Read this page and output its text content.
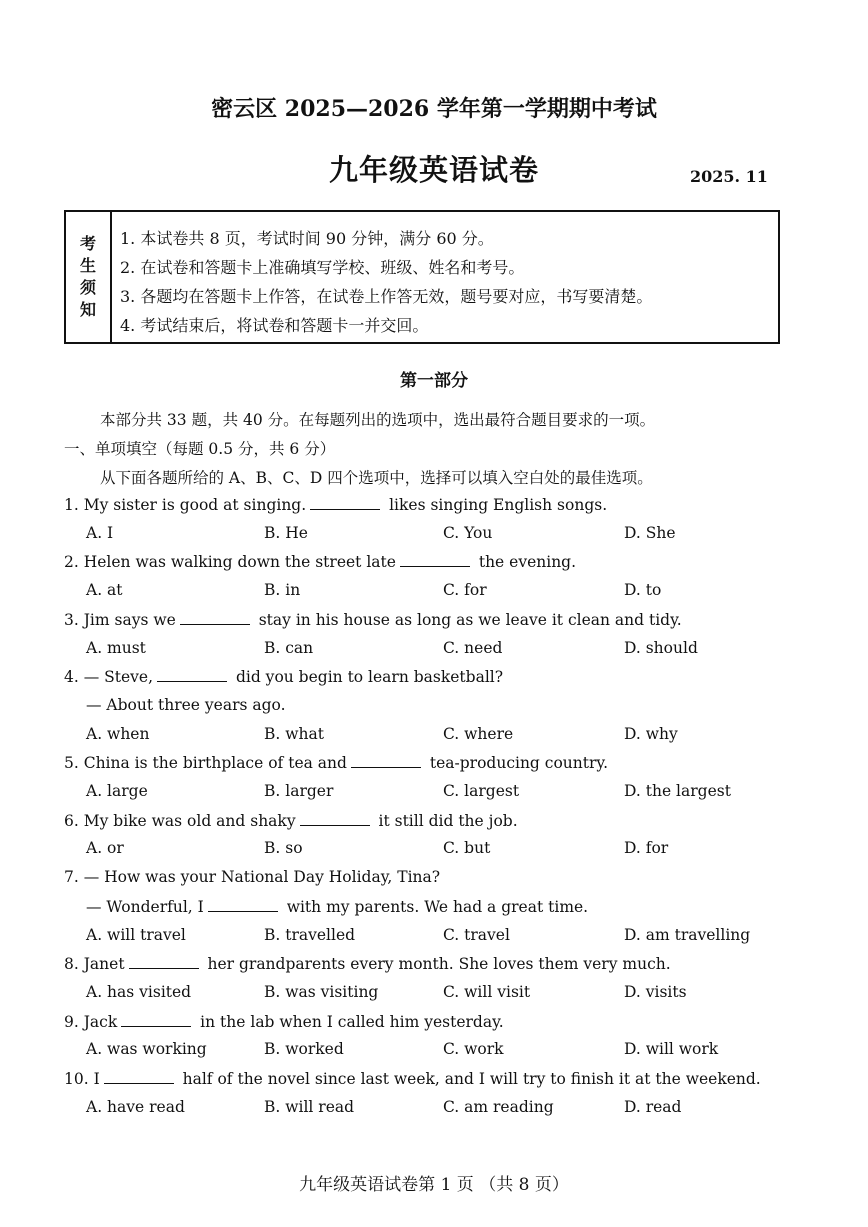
密云区 2025—2026 学年第一学期期中考试
九年级英语试卷	2025. 11
考
生
须
知
1. 本试卷共 8 页，考试时间 90 分钟，满分 60 分。
2. 在试卷和答题卡上准确填写学校、班级、姓名和考号。
3. 各题均在答题卡上作答，在试卷上作答无效，题号要对应，书写要清楚。
4. 考试结束后，将试卷和答题卡一并交回。
第一部分
本部分共 33 题，共 40 分。在每题列出的选项中，选出最符合题目要求的一项。
一、单项填空（每题 0.5 分，共 6 分）
从下面各题所给的 A、B、C、D 四个选项中，选择可以填入空白处的最佳选项。
1. My sister is good at singing.	likes singing English songs.
A. I	B. He	C. You	D. She
2. Helen was walking down the street late	the evening.
A. at	B. in	C. for	D. to
3. Jim says we	stay in his house as long as we leave it clean and tidy.
A. must	B. can	C. need	D. should
4. — Steve,	did you begin to learn basketball?
— About three years ago.
A. when	B. what	C. where	D. why
5. China is the birthplace of tea and	tea-producing country.
A. large	B. larger	C. largest	D. the largest
6. My bike was old and shaky	it still did the job.
A. or	B. so	C. but	D. for
7. — How was your National Day Holiday, Tina?
— Wonderful, I	with my parents. We had a great time.
A. will travel	B. travelled	C. travel	D. am travelling
8. Janet	her grandparents every month. She loves them very much.
A. has visited	B. was visiting	C. will visit	D. visits
9. Jack	in the lab when I called him yesterday.
A. was working	B. worked	C. work	D. will work
10. I	half of the novel since last week, and I will try to finish it at the weekend.
A. have read	B. will read	C. am reading	D. read
九年级英语试卷第 1 页 （共 8 页）
